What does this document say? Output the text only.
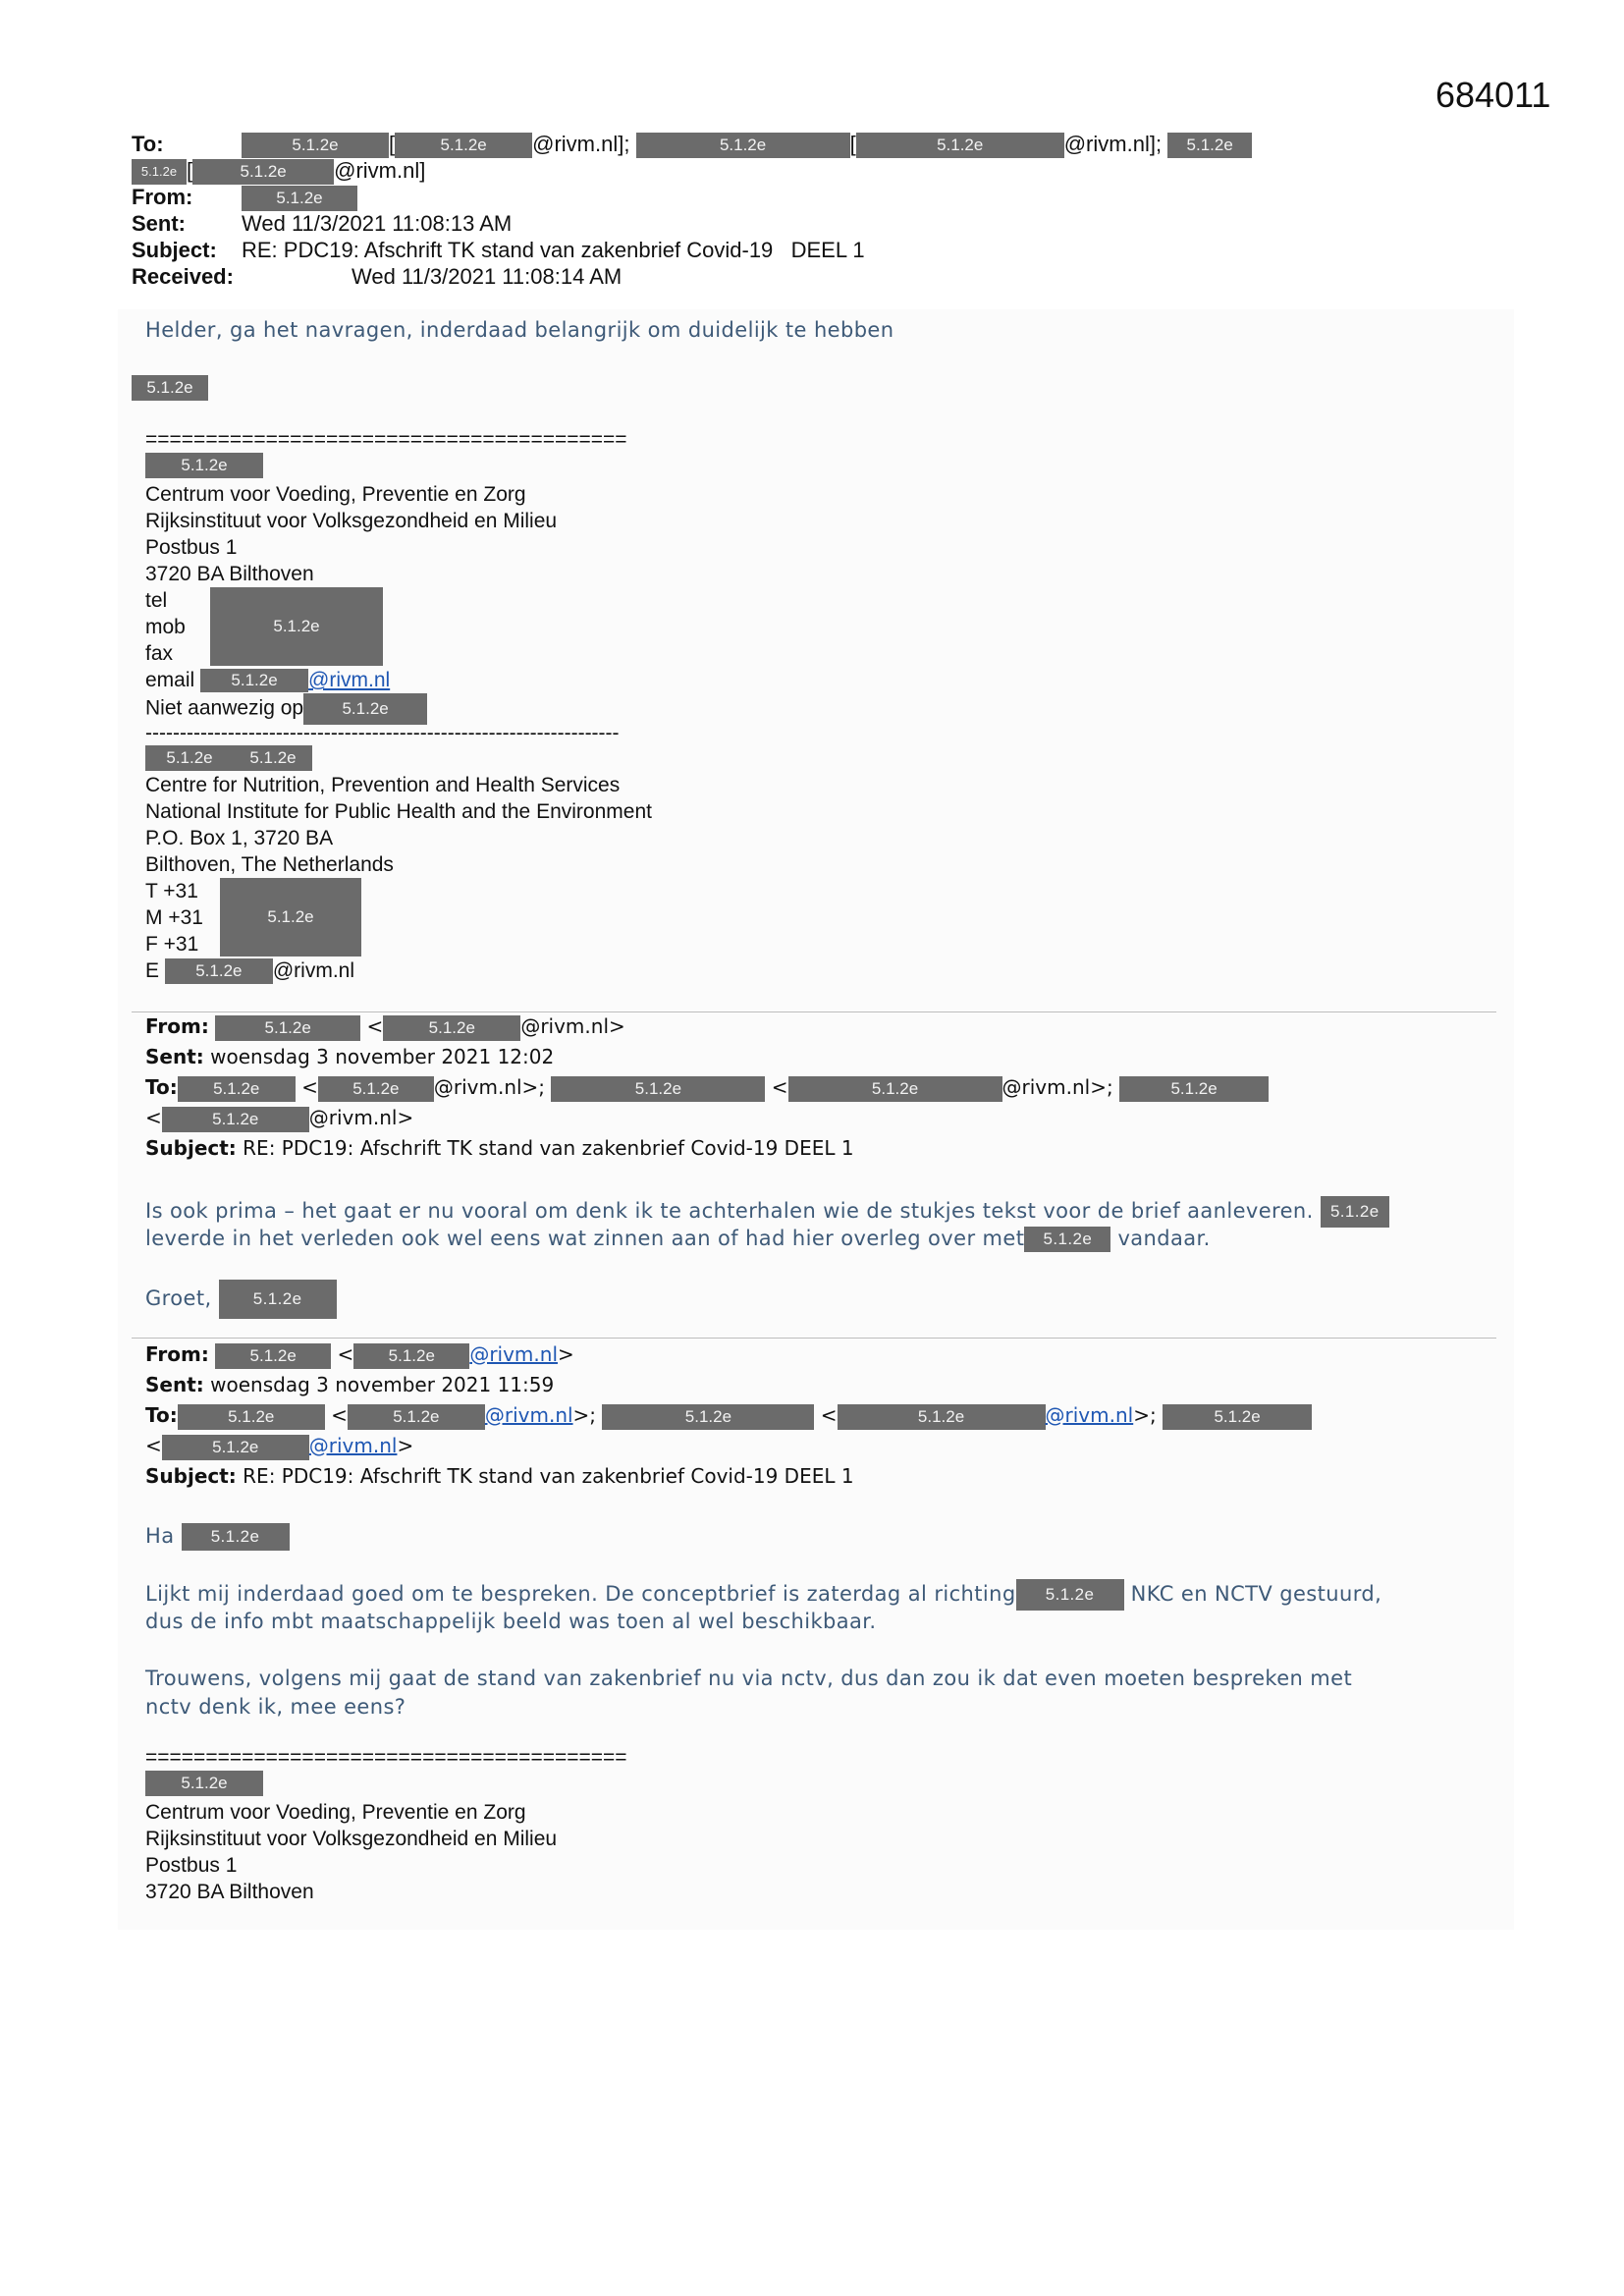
684011
To:	5.1.2e [	5.1.2e @rivm.nl];	5.1.2e	[	5.1.2e	@rivm.nl]; 5.1.2e
5.1.2e [	5.1.2e @rivm.nl]
From:	5.1.2e
Sent:	Wed 11/3/2021 11:08:13 AM
Subject: RE: PDC19: Afschrift TK stand van zakenbrief Covid-19   DEEL 1
Received:	Wed 11/3/2021 11:08:14 AM
Helder, ga het navragen, inderdaad belangrijk om duidelijk te hebben
5.1.2e
========================================
5.1.2e
Centrum voor Voeding, Preventie en Zorg
Rijksinstituut voor Volksgezondheid en Milieu
Postbus 1
3720 BA Bilthoven
tel
mob
fax
5.1.2e
email 5.1.2e @rivm.nl
Niet aanwezig op 5.1.2e
---------------------------------------------------------------------
5.1.2e 5.1.2e
Centre for Nutrition, Prevention and Health Services
National Institute for Public Health and the Environment
P.O. Box 1, 3720 BA
Bilthoven, The Netherlands
T +31
M +31
F +31
5.1.2e
E 5.1.2e @rivm.nl
From:	5.1.2e	<	5.1.2e @rivm.nl>
Sent: woensdag 3 november 2021 12:02
To: 5.1.2e < 5.1.2e @rivm.nl>;	5.1.2e	<	5.1.2e	@rivm.nl>;	5.1.2e
<	5.1.2e	@rivm.nl>
Subject: RE: PDC19: Afschrift TK stand van zakenbrief Covid-19 DEEL 1
Is ook prima – het gaat er nu vooral om denk ik te achterhalen wie de stukjes tekst voor de brief aanleveren. 5.1.2e
leverde in het verleden ook wel eens wat zinnen aan of had hier overleg over met 5.1.2e vandaar.
Groet, 5.1.2e
From: 5.1.2e < 5.1.2e @rivm.nl>
Sent: woensdag 3 november 2021 11:59
To:	5.1.2e	<	5.1.2e @rivm.nl>;	5.1.2e	<	5.1.2e	@rivm.nl>;	5.1.2e
<	5.1.2e	@rivm.nl>
Subject: RE: PDC19: Afschrift TK stand van zakenbrief Covid-19 DEEL 1
Ha 5.1.2e
Lijkt mij inderdaad goed om te bespreken. De conceptbrief is zaterdag al richting 5.1.2e NKC en NCTV gestuurd,
dus de info mbt maatschappelijk beeld was toen al wel beschikbaar.
Trouwens, volgens mij gaat de stand van zakenbrief nu via nctv, dus dan zou ik dat even moeten bespreken met
nctv denk ik, mee eens?
========================================
5.1.2e
Centrum voor Voeding, Preventie en Zorg
Rijksinstituut voor Volksgezondheid en Milieu
Postbus 1
3720 BA Bilthoven
